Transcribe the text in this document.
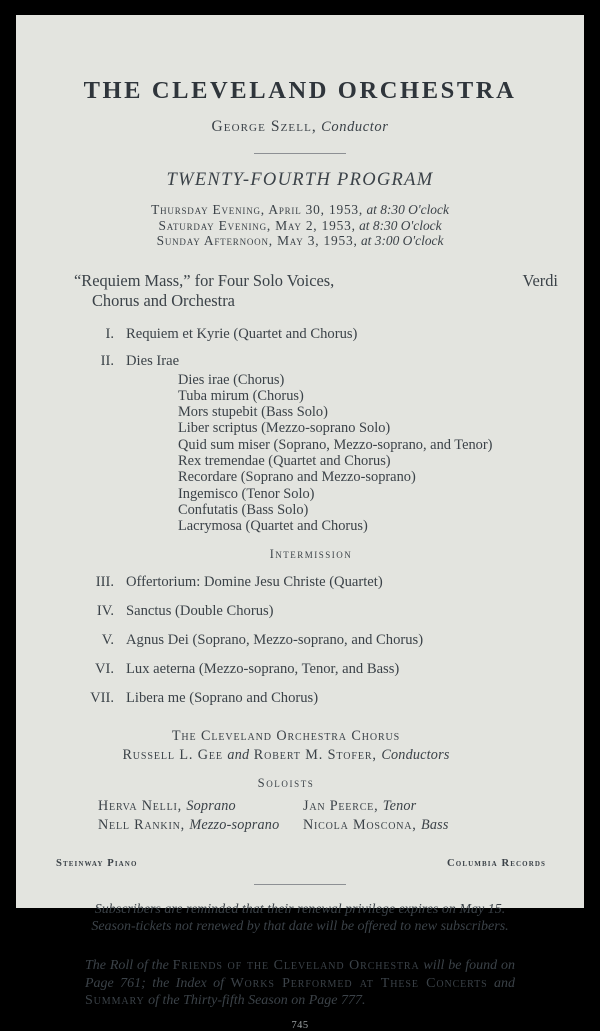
THE CLEVELAND ORCHESTRA
George Szell, Conductor
TWENTY-FOURTH PROGRAM
Thursday Evening, April 30, 1953, at 8:30 O'clock
Saturday Evening, May 2, 1953, at 8:30 O'clock
Sunday Afternoon, May 3, 1953, at 3:00 O'clock
“Requiem Mass,” for Four Solo Voices,
Chorus and Orchestra
Verdi
I. Requiem et Kyrie (Quartet and Chorus)
II. Dies Irae
Dies irae (Chorus)
Tuba mirum (Chorus)
Mors stupebit (Bass Solo)
Liber scriptus (Mezzo-soprano Solo)
Quid sum miser (Soprano, Mezzo-soprano, and Tenor)
Rex tremendae (Quartet and Chorus)
Recordare (Soprano and Mezzo-soprano)
Ingemisco (Tenor Solo)
Confutatis (Bass Solo)
Lacrymosa (Quartet and Chorus)
Intermission
III. Offertorium: Domine Jesu Christe (Quartet)
IV. Sanctus (Double Chorus)
V. Agnus Dei (Soprano, Mezzo-soprano, and Chorus)
VI. Lux aeterna (Mezzo-soprano, Tenor, and Bass)
VII. Libera me (Soprano and Chorus)
The Cleveland Orchestra Chorus
Russell L. Gee and Robert M. Stofer, Conductors
Soloists
Herva Nelli, Soprano
Nell Rankin, Mezzo-soprano
Jan Peerce, Tenor
Nicola Moscona, Bass
Steinway Piano	Columbia Records
Subscribers are reminded that their renewal privilege expires on May 15.
Season-tickets not renewed by that date will be offered to new subscribers.
The Roll of the Friends of the Cleveland Orchestra will be found on Page 761; the Index of Works Performed at These Concerts and Summary of the Thirty-fifth Season on Page 777.
745
